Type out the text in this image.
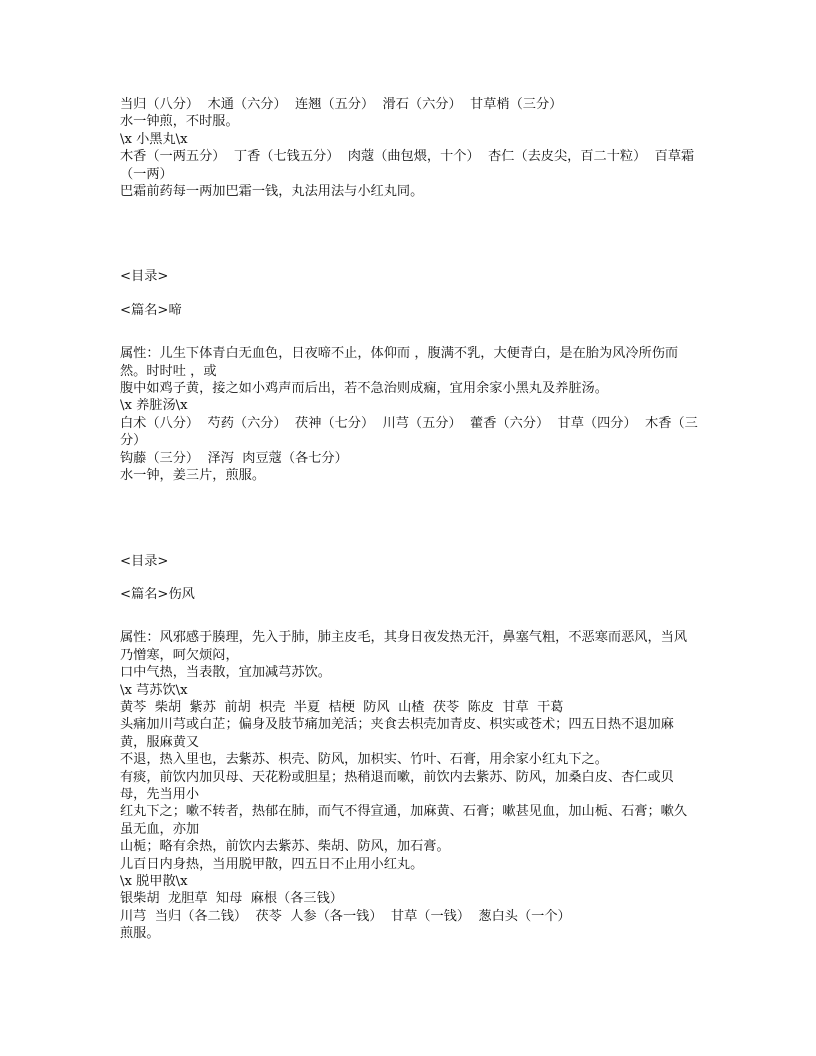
当归（八分）  木通（六分）  连翘（五分）  滑石（六分）  甘草梢（三分）
水一钟煎，不时服。
\x 小黑丸\x
木香（一两五分）  丁香（七钱五分）  肉蔻（曲包煨，十个）  杏仁（去皮尖，百二十粒）  百草霜（一两）
巴霜前药每一两加巴霜一钱，丸法用法与小红丸同。
<目录>
<篇名>啼
属性：儿生下体青白无血色，日夜啼不止，体仰而 ，腹满不乳，大便青白，是在胎为风冷所伤而然。时时吐 ，或
腹中如鸡子黄，接之如小鸡声而后出，若不急治则成痫，宜用余家小黑丸及养脏汤。
\x 养脏汤\x
白术（八分）  芍药（六分）  茯神（七分）  川芎（五分）  藿香（六分）  甘草（四分）  木香（三分）
钩藤（三分）  泽泻  肉豆蔻（各七分）
水一钟，姜三片，煎服。
<目录>
<篇名>伤风
属性：风邪感于腠理，先入于肺，肺主皮毛，其身日夜发热无汗，鼻塞气粗，不恶寒而恶风，当风乃憎寒，呵欠烦闷，
口中气热，当表散，宜加减芎苏饮。
\x 芎苏饮\x
黄芩  柴胡  紫苏  前胡  枳壳  半夏  桔梗  防风  山楂  茯苓  陈皮  甘草  干葛
头痛加川芎或白芷；偏身及肢节痛加羌活；夹食去枳壳加青皮、枳实或苍术；四五日热不退加麻黄，服麻黄又
不退，热入里也，去紫苏、枳壳、防风，加枳实、竹叶、石膏，用余家小红丸下之。
有痰，前饮内加贝母、天花粉或胆星；热稍退而嗽，前饮内去紫苏、防风，加桑白皮、杏仁或贝母，先当用小
红丸下之；嗽不转者，热郁在肺，而气不得宣通，加麻黄、石膏；嗽甚见血，加山栀、石膏；嗽久虽无血，亦加
山栀；略有余热，前饮内去紫苏、柴胡、防风，加石膏。
儿百日内身热，当用脱甲散，四五日不止用小红丸。
\x 脱甲散\x
银柴胡  龙胆草  知母  麻根（各三钱）
川芎  当归（各二钱）  茯苓  人参（各一钱）  甘草（一钱）  葱白头（一个）
煎服。
